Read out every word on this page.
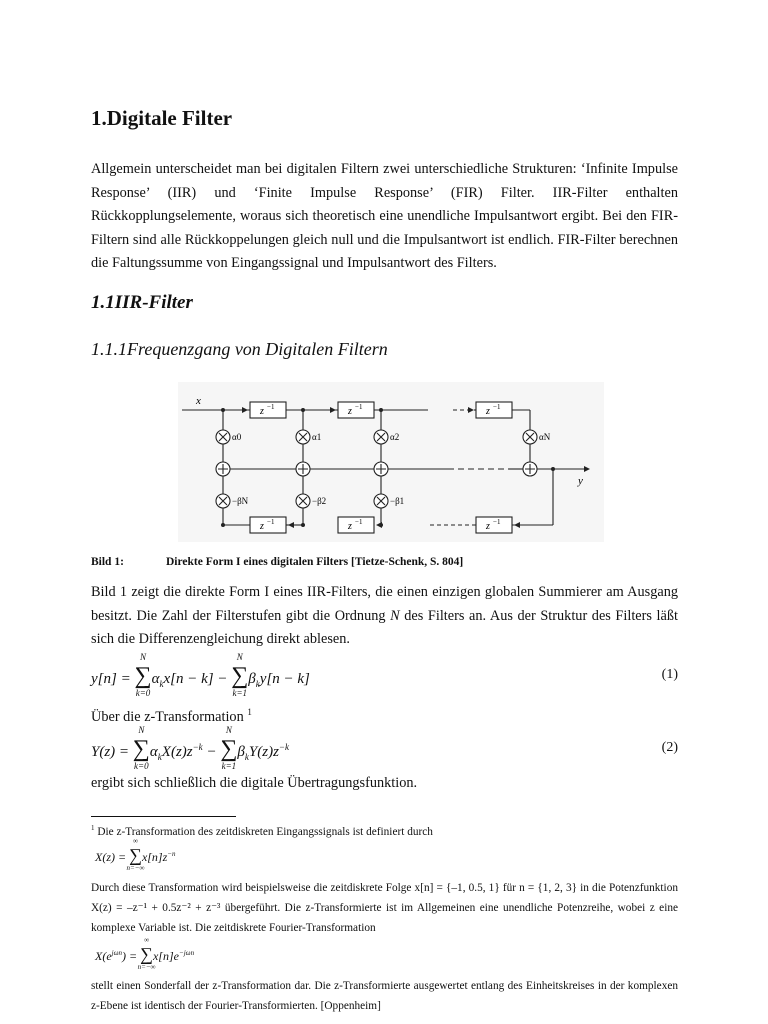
1.Digitale Filter

Allgemein unterscheidet man bei digitalen Filtern zwei unterschiedliche Strukturen: ‘Infinite Impulse Response’ (IIR) und ‘Finite Impulse Response’ (FIR) Filter. IIR-Filter enthalten Rückkopplungselemente, woraus sich theoretisch eine unendliche Impulsantwort ergibt. Bei den FIR-Filtern sind alle Rückkoppelungen gleich null und die Impulsantwort ist endlich. FIR-Filter berechnen die Faltungssumme von Eingangssignal und Impulsantwort des Filters.

1.1IIR-Filter
1.1.1Frequenzgang von Digitalen Filtern
x
y
z −1	z −1	z −1
z −1	z −1	z −1
α0	α1	α2	αN
−βN	−β2	−β1
Bild 1:	Direkte Form I eines digitalen Filters [Tietze-Schenk, S. 804]

Bild 1 zeigt die direkte Form I eines IIR-Filters, die einen einzigen globalen Summierer am Ausgang besitzt. Die Zahl der Filterstufen gibt die Ordnung N des Filters an. Aus der Struktur des Filters läßt sich die Differenzengleichung direkt ablesen.

y[n] = ∑
N
k=0
$\alpha_kx[n - k]$ − ∑
N
k=1
$\beta_ky[n - k]$	(1)
Über die z-Transformation $^1$
Y(z) = ∑
N
k=0
$\alpha_kX(z)z^{-k}$ − ∑
N
k=1
$\beta_kY(z)z^{-k}$	(2)
ergibt sich schließlich die digitale Übertragungsfunktion.

$^1$ Die z-Transformation des zeitdiskreten Eingangssignals ist definiert durch

X(z) = ∑
∞
n=−∞
$x[n]z^{-n}$

Durch diese Transformation wird beispielsweise die zeitdiskrete Folge x[n] = {–1, 0.5, 1} für n = {1, 2, 3} in die Potenzfunktion X(z) = –z⁻¹ + 0.5z⁻² + z⁻³ übergeführt. Die z-Transformierte ist im Allgemeinen eine unendliche Potenzreihe, wobei z eine komplexe Variable ist. Die zeitdiskrete Fourier-Transformation

$X(e^{j\omega n})$ = ∑
∞
n=−∞
$x[n]e^{-j\omega n}$

stellt einen Sonderfall der z-Transformation dar. Die z-Transformierte ausgewertet entlang des Einheitskreises in der komplexen z-Ebene ist identisch der Fourier-Transformierten. [Oppenheim]
